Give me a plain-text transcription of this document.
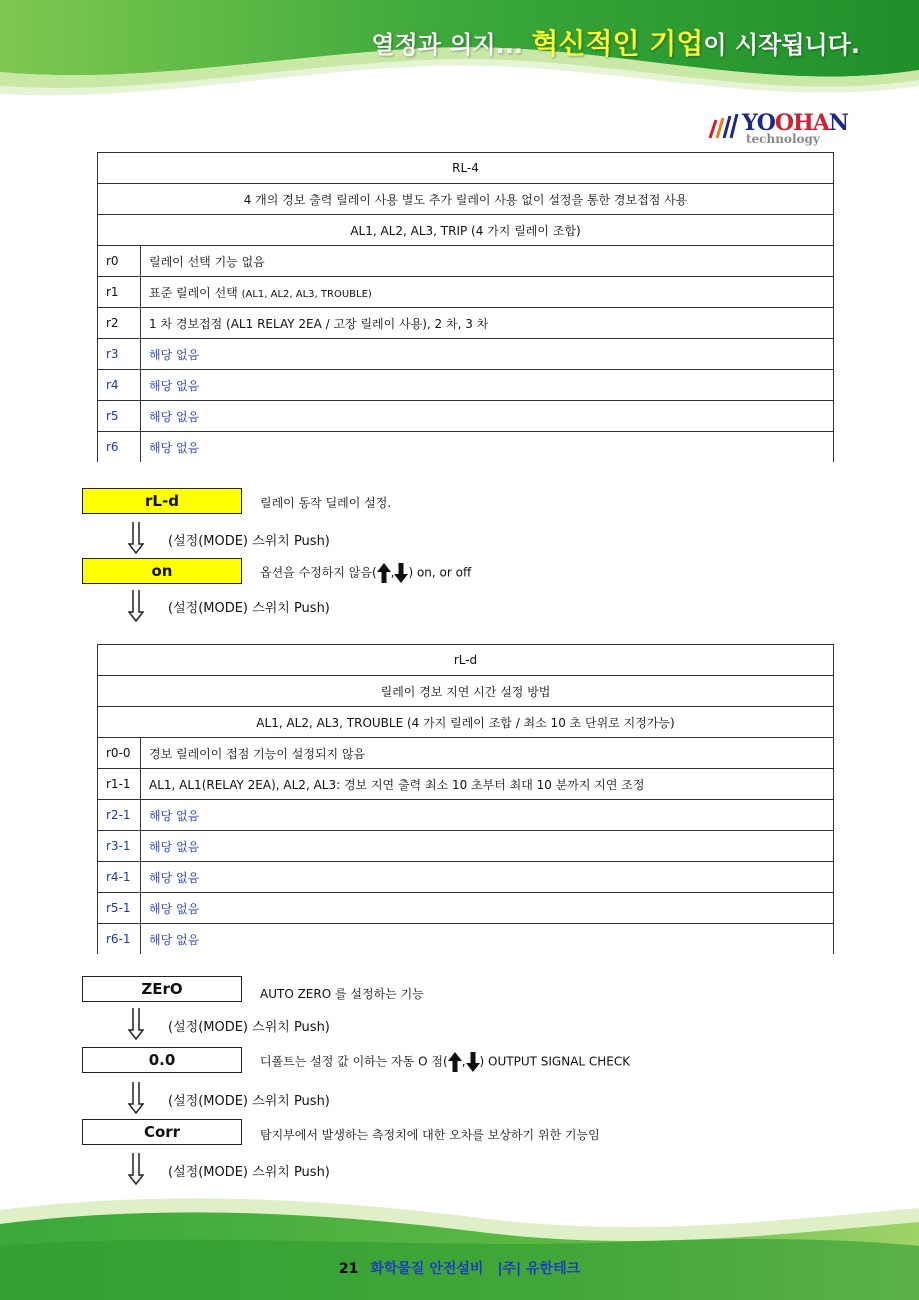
열정과 의지... 혁신적인 기업이 시작됩니다.
YOOHAN
technology
RL-4	
4 개의 경보 출력 릴레이 사용 별도 추가 릴레이 사용 없이 설정을 통한 경보접점 사용	
AL1, AL2, AL3, TRIP (4 가지 릴레이 조합)	
r0	릴레이 선택 기능 없음
r1	표준 릴레이 선택 (AL1, AL2, AL3, TROUBLE)
r2	1 차 경보접점 (AL1 RELAY 2EA / 고장 릴레이 사용), 2 차, 3 차
r3	해당 없음
r4	해당 없음
r5	해당 없음
r6	해당 없음
rL-d	릴레이 동작 딜레이 설정.
(설정(MODE) 스위치 Push)
on	옵션을 수정하지 않음( , ) on, or off
(설정(MODE) 스위치 Push)
rL-d	
릴레이 경보 지연 시간 설정 방법	
AL1, AL2, AL3, TROUBLE (4 가지 릴레이 조합 / 최소 10 초 단위로 지정가능)	
r0-0	경보 릴레이이 접점 기능이 설정되지 않음
r1-1	AL1, AL1(RELAY 2EA), AL2, AL3: 경보 지연 출력 최소 10 초부터 최대 10 분까지 지연 조정
r2-1	해당 없음
r3-1	해당 없음
r4-1	해당 없음
r5-1	해당 없음
r6-1	해당 없음
ZErO	AUTO ZERO 를 설정하는 기능
(설정(MODE) 스위치 Push)
0.0	디폴트는 설정 값 이하는 자동 O 점( , ) OUTPUT SIGNAL CHECK
(설정(MODE) 스위치 Push)
Corr	탐지부에서 발생하는 측정치에 대한 오차를 보상하기 위한 기능임
(설정(MODE) 스위치 Push)
21 화학물질 안전설비 |주| 유한테크
